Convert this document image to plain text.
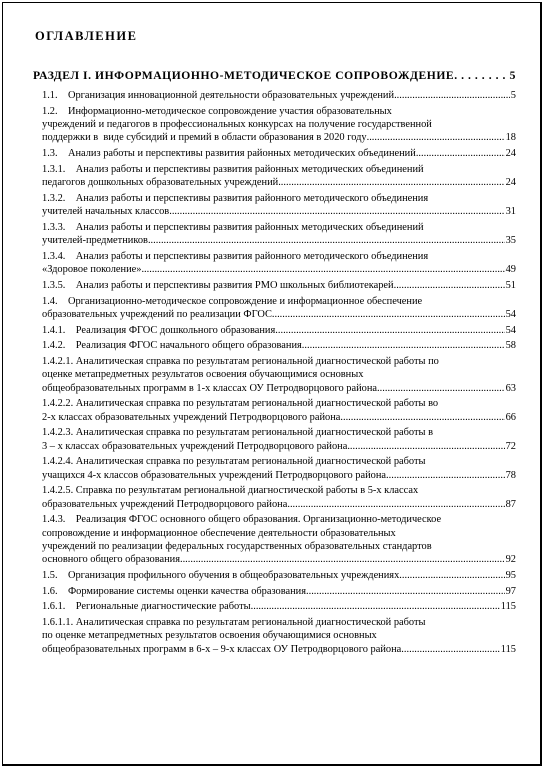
ОГЛАВЛЕНИЕ
РАЗДЕЛ I. ИНФОРМАЦИОННО-МЕТОДИЧЕСКОЕ СОПРОВОЖДЕНИЕ . . .	5
1.1.    Организация инновационной деятельности образовательных учреждений .....	5
1.2.    Информационно-методическое сопровождение участия образовательных
учреждений и педагогов в профессиональных конкурсах на получение государственной
поддержки в  виде субсидий и премий в области образования в 2020 году .....	18
1.3.    Анализ работы и перспективы развития районных методических объединений .....	24
1.3.1.    Анализ работы и перспективы развития районных методических объединений
педагогов дошкольных образовательных учреждений .....	24
1.3.2.    Анализ работы и перспективы развития районного методического объединения
учителей начальных классов .....	31
1.3.3.    Анализ работы и перспективы развития районных методических объединений
учителей-предметников .....	35
1.3.4.    Анализ работы и перспективы развития районного методического объединения
«Здоровое поколение» .....	49
1.3.5.    Анализ работы и перспективы развития РМО школьных библиотекарей .....	51
1.4.    Организационно-методическое сопровождение и информационное обеспечение
образовательных учреждений по реализации ФГОС .....	54
1.4.1.    Реализация ФГОС дошкольного образования .....	54
1.4.2.    Реализация ФГОС начального общего образования .....	58
1.4.2.1. Аналитическая справка по результатам региональной диагностической работы по
оценке метапредметных результатов освоения обучающимися основных
общеобразовательных программ в 1-х классах ОУ Петродворцового района .....	63
1.4.2.2. Аналитическая справка по результатам региональной диагностической работы во
2-х классах образовательных учреждений Петродворцового района .....	66
1.4.2.3. Аналитическая справка по результатам региональной диагностической работы в
3 – х классах образовательных учреждений Петродворцового района .....	72
1.4.2.4. Аналитическая справка по результатам региональной диагностической работы
учащихся 4-х классов образовательных учреждений Петродворцового района .....	78
1.4.2.5. Справка по результатам региональной диагностической работы в 5-х классах
образовательных учреждений Петродворцового района .....	87
1.4.3.    Реализация ФГОС основного общего образования. Организационно-методическое
сопровождение и информационное обеспечение деятельности образовательных
учреждений по реализации федеральных государственных образовательных стандартов
основного общего образования .....	92
1.5.    Организация профильного обучения в общеобразовательных учреждениях .....	95
1.6.    Формирование системы оценки качества образования .....	97
1.6.1.    Региональные диагностические работы .....	115
1.6.1.1. Аналитическая справка по результатам региональной диагностической работы
по оценке метапредметных результатов освоения обучающимися основных
общеобразовательных программ в 6-х – 9-х классах ОУ Петродворцового района .....	115
